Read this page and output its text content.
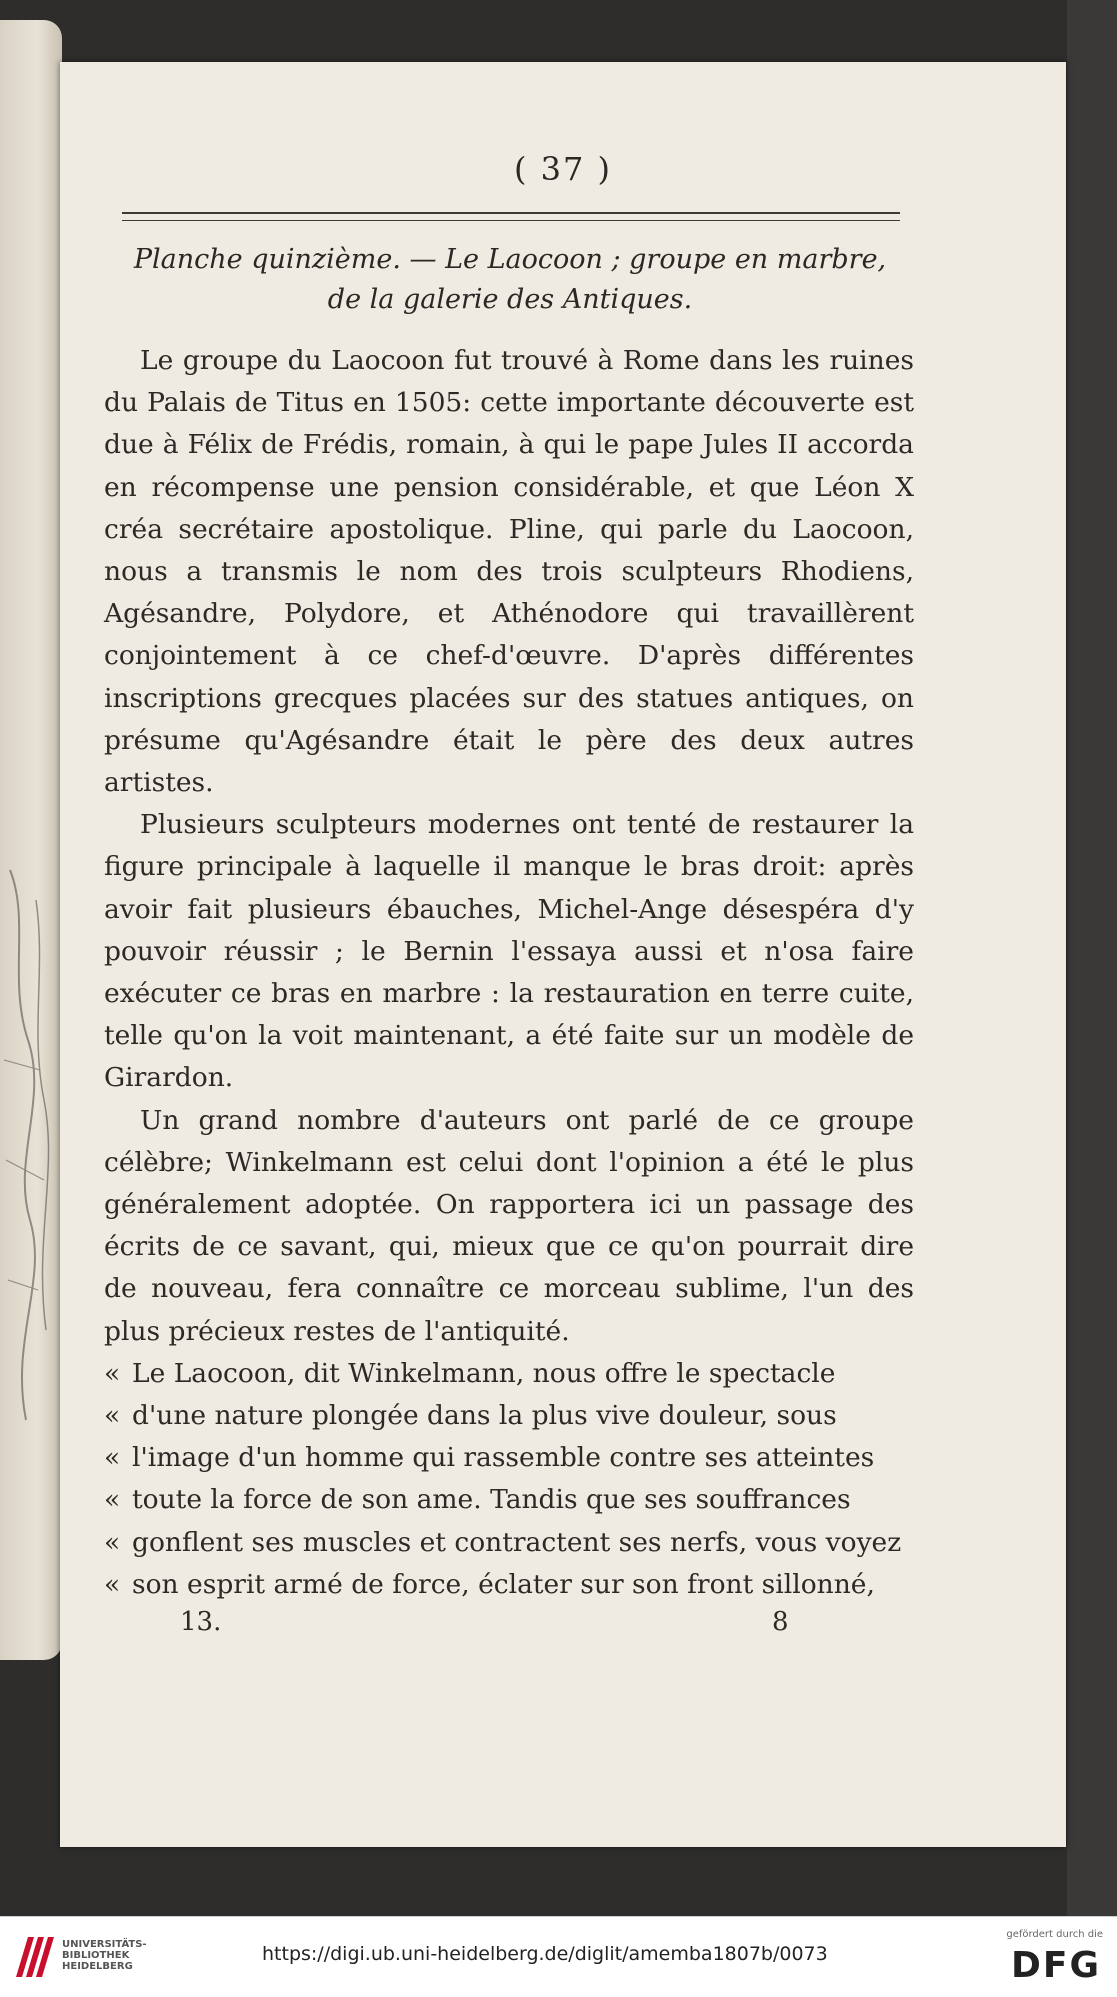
( 37 )
Planche quinzième. — Le Laocoon ; groupe en marbre,
de la galerie des Antiques.

Le groupe du Laocoon fut trouvé à Rome dans les ruines du Palais de Titus en 1505: cette importante découverte est due à Félix de Frédis, romain, à qui le pape Jules II accorda en récompense une pension considérable, et que Léon X créa secrétaire apostolique. Pline, qui parle du Laocoon, nous a transmis le nom des trois sculpteurs Rhodiens, Agésandre, Polydore, et Athénodore qui travaillèrent conjointement à ce chef-d'œuvre. D'après différentes inscriptions grecques placées sur des statues antiques, on présume qu'Agésandre était le père des deux autres artistes.

Plusieurs sculpteurs modernes ont tenté de restaurer la figure principale à laquelle il manque le bras droit: après avoir fait plusieurs ébauches, Michel-Ange désespéra d'y pouvoir réussir ; le Bernin l'essaya aussi et n'osa faire exécuter ce bras en marbre : la restauration en terre cuite, telle qu'on la voit maintenant, a été faite sur un modèle de Girardon.

Un grand nombre d'auteurs ont parlé de ce groupe célèbre; Winkelmann est celui dont l'opinion a été le plus généralement adoptée. On rapportera ici un passage des écrits de ce savant, qui, mieux que ce qu'on pourrait dire de nouveau, fera connaître ce morceau sublime, l'un des plus précieux restes de l'antiquité.

« Le Laocoon, dit Winkelmann, nous offre le spectacle
« d'une nature plongée dans la plus vive douleur, sous
« l'image d'un homme qui rassemble contre ses atteintes
« toute la force de son ame. Tandis que ses souffrances
« gonflent ses muscles et contractent ses nerfs, vous voyez
« son esprit armé de force, éclater sur son front sillonné,

13.	8
UNIVERSITÄTS-
BIBLIOTHEK
HEIDELBERG
https://digi.ub.uni-heidelberg.de/diglit/amemba1807b/0073
gefördert durch die
DFG
